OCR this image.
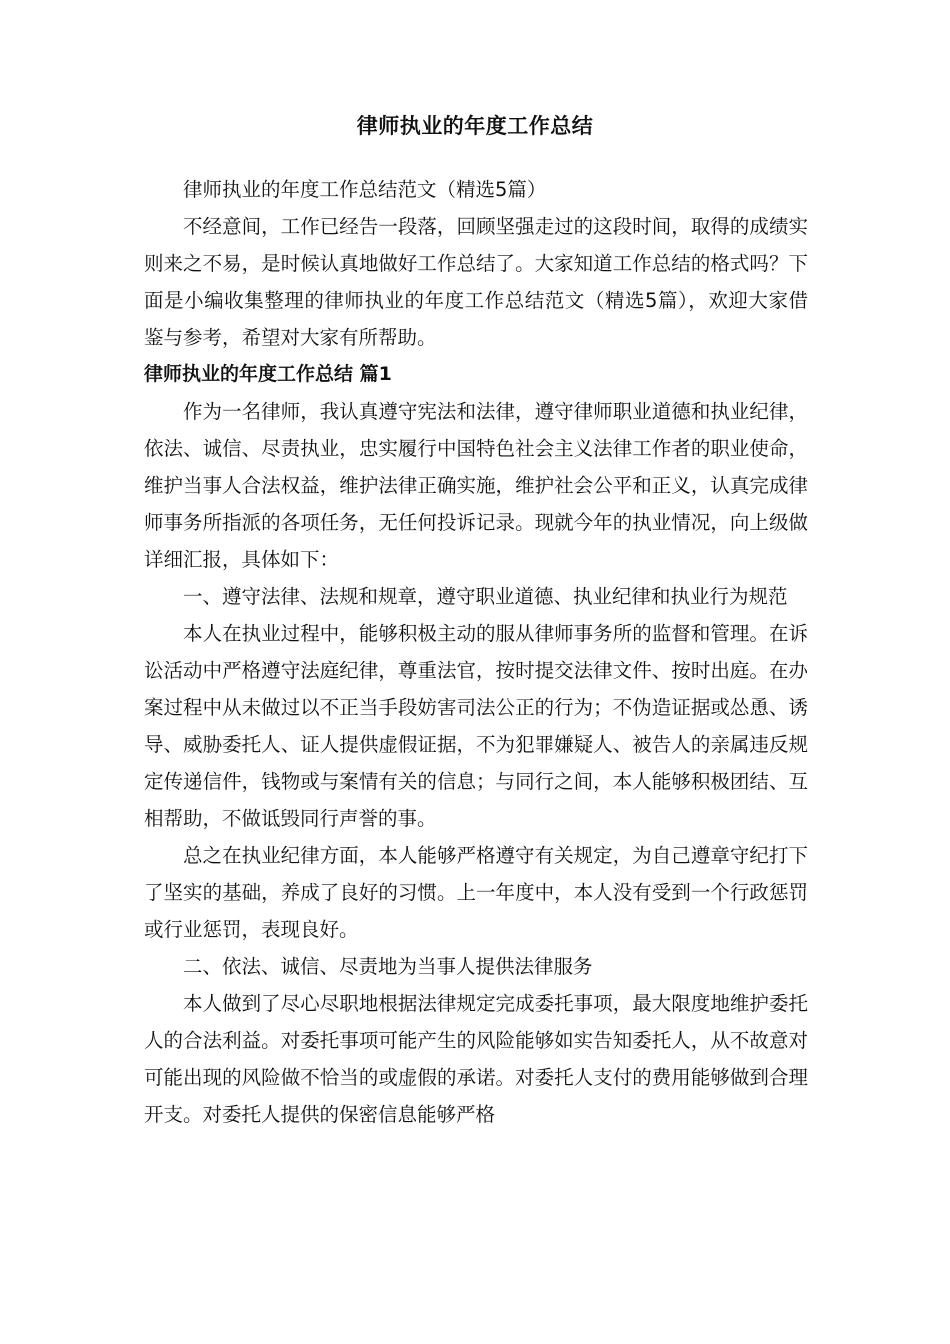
律师执业的年度工作总结

律师执业的年度工作总结范文（精选5篇）

不经意间，工作已经告一段落，回顾坚强走过的这段时间，取得的成绩实则来之不易，是时候认真地做好工作总结了。大家知道工作总结的格式吗？下面是小编收集整理的律师执业的年度工作总结范文（精选5篇），欢迎大家借鉴与参考，希望对大家有所帮助。

律师执业的年度工作总结 篇1

作为一名律师，我认真遵守宪法和法律，遵守律师职业道德和执业纪律，依法、诚信、尽责执业，忠实履行中国特色社会主义法律工作者的职业使命，维护当事人合法权益，维护法律正确实施，维护社会公平和正义，认真完成律师事务所指派的各项任务，无任何投诉记录。现就今年的执业情况，向上级做详细汇报，具体如下：

一、遵守法律、法规和规章，遵守职业道德、执业纪律和执业行为规范

本人在执业过程中，能够积极主动的服从律师事务所的监督和管理。在诉讼活动中严格遵守法庭纪律，尊重法官，按时提交法律文件、按时出庭。在办案过程中从未做过以不正当手段妨害司法公正的行为；不伪造证据或怂恿、诱导、威胁委托人、证人提供虚假证据，不为犯罪嫌疑人、被告人的亲属违反规定传递信件，钱物或与案情有关的信息；与同行之间，本人能够积极团结、互相帮助，不做诋毁同行声誉的事。

总之在执业纪律方面，本人能够严格遵守有关规定，为自己遵章守纪打下了坚实的基础，养成了良好的习惯。上一年度中，本人没有受到一个行政惩罚或行业惩罚，表现良好。

二、依法、诚信、尽责地为当事人提供法律服务

本人做到了尽心尽职地根据法律规定完成委托事项，最大限度地维护委托人的合法利益。对委托事项可能产生的风险能够如实告知委托人，从不故意对可能出现的风险做不恰当的或虚假的承诺。对委托人支付的费用能够做到合理开支。对委托人提供的保密信息能够严格
